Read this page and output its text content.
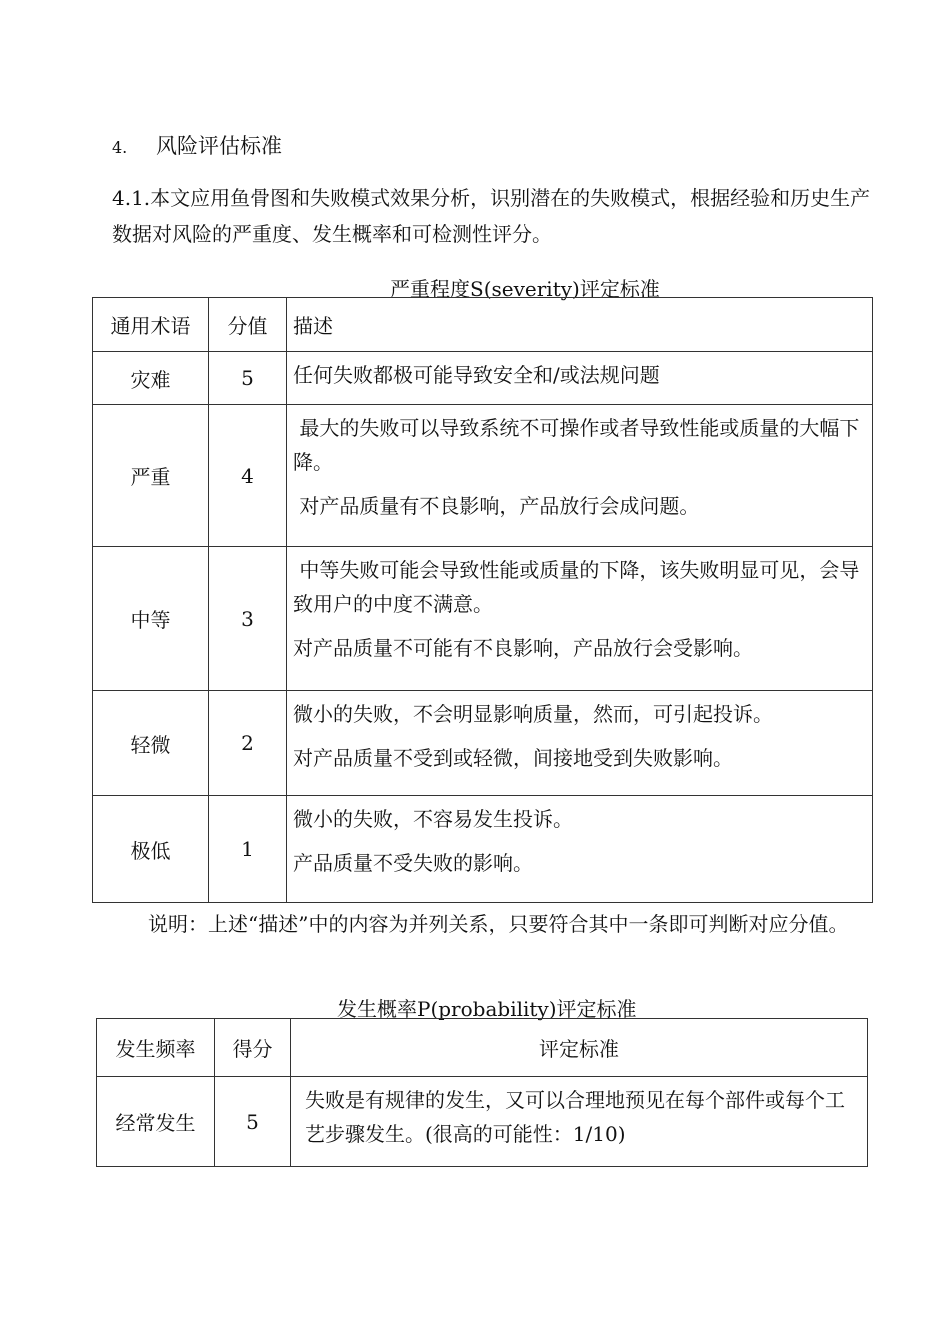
4. 风险评估标准
4.1.本文应用鱼骨图和失败模式效果分析，识别潜在的失败模式，根据经验和历史生产数据对风险的严重度、发生概率和可检测性评分。
严重程度S(severity)评定标准
通用术语	分值	描述
灾难	5	任何失败都极可能导致安全和/或法规问题

严重	4	最大的失败可以导致系统不可操作或者导致性能或质量的大幅下降。

对产品质量有不良影响，产品放行会成问题。

中等	3	中等失败可能会导致性能或质量的下降，该失败明显可见，会导致用户的中度不满意。

对产品质量不可能有不良影响，产品放行会受影响。

轻微	2	微小的失败，不会明显影响质量，然而，可引起投诉。

对产品质量不受到或轻微，间接地受到失败影响。

极低	1	微小的失败，不容易发生投诉。

产品质量不受失败的影响。

说明：上述“描述”中的内容为并列关系，只要符合其中一条即可判断对应分值。
发生概率P(probability)评定标准
发生频率	得分	评定标准
经常发生	5	失败是有规律的发生，又可以合理地预见在每个部件或每个工艺步骤发生。(很高的可能性：1/10)
